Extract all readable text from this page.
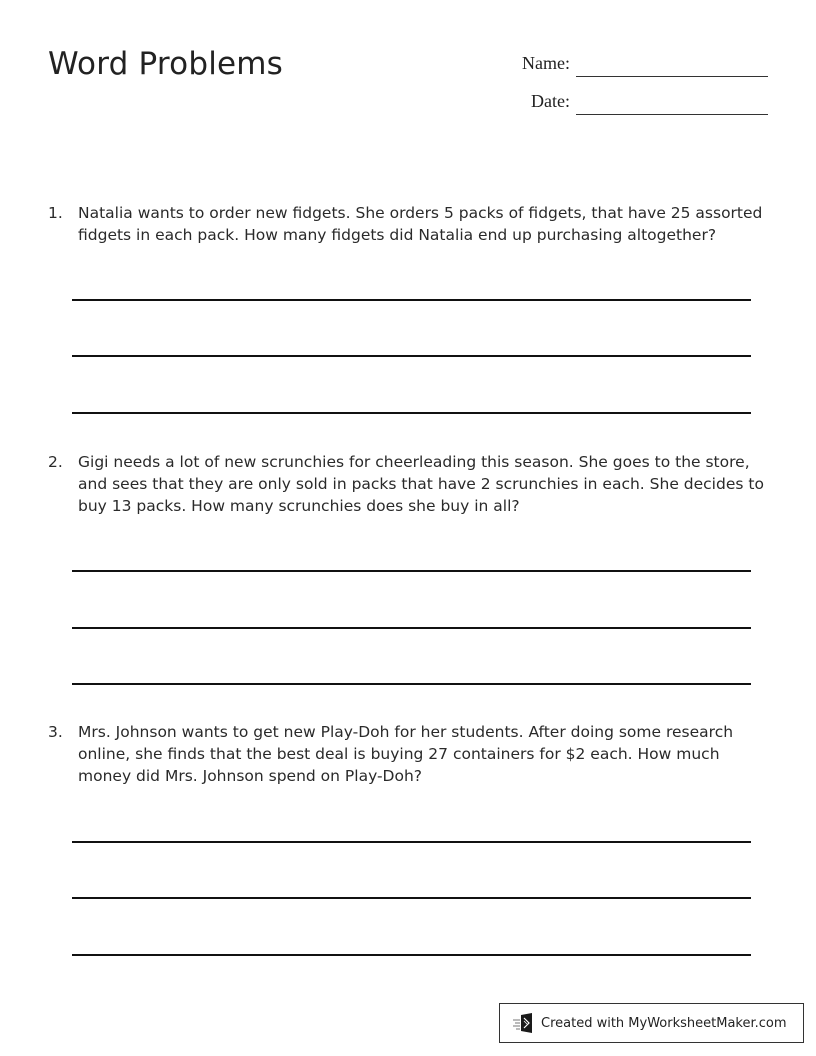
Word Problems	Name:
Date:
1. Natalia wants to order new fidgets. She orders 5 packs of fidgets, that have 25 assorted fidgets in each pack. How many fidgets did Natalia end up purchasing altogether?
2. Gigi needs a lot of new scrunchies for cheerleading this season. She goes to the store, and sees that they are only sold in packs that have 2 scrunchies in each. She decides to buy 13 packs. How many scrunchies does she buy in all?
3. Mrs. Johnson wants to get new Play-Doh for her students. After doing some research online, she finds that the best deal is buying 27 containers for $2 each. How much money did Mrs. Johnson spend on Play-Doh?
Created with MyWorksheetMaker.com
